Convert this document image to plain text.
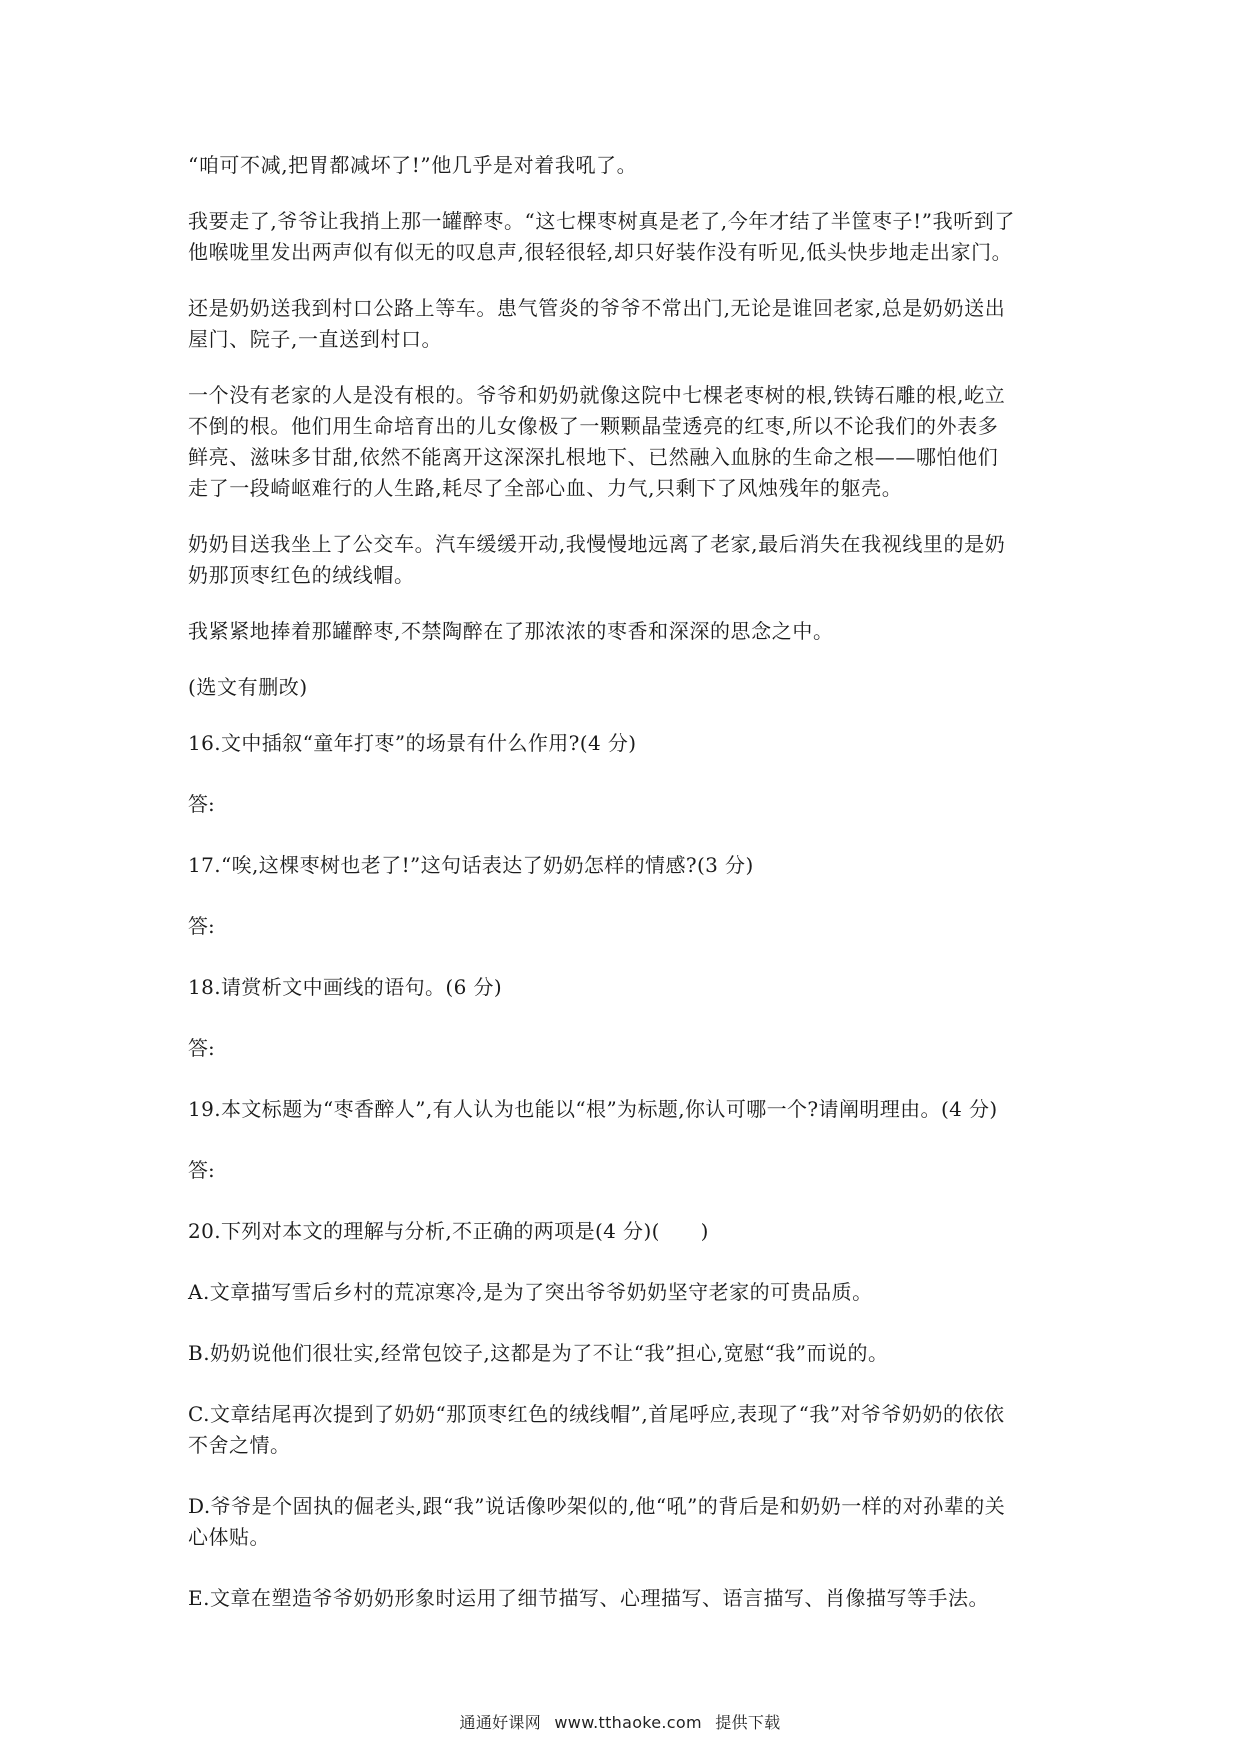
“咱可不减,把胃都减坏了!”他几乎是对着我吼了。

我要走了,爷爷让我捎上那一罐醉枣。“这七棵枣树真是老了,今年才结了半筐枣子!”我听到了
他喉咙里发出两声似有似无的叹息声,很轻很轻,却只好装作没有听见,低头快步地走出家门。

还是奶奶送我到村口公路上等车。患气管炎的爷爷不常出门,无论是谁回老家,总是奶奶送出
屋门、院子,一直送到村口。

一个没有老家的人是没有根的。爷爷和奶奶就像这院中七棵老枣树的根,铁铸石雕的根,屹立
不倒的根。他们用生命培育出的儿女像极了一颗颗晶莹透亮的红枣,所以不论我们的外表多
鲜亮、滋味多甘甜,依然不能离开这深深扎根地下、已然融入血脉的生命之根——哪怕他们
走了一段崎岖难行的人生路,耗尽了全部心血、力气,只剩下了风烛残年的躯壳。

奶奶目送我坐上了公交车。汽车缓缓开动,我慢慢地远离了老家,最后消失在我视线里的是奶
奶那顶枣红色的绒线帽。

我紧紧地捧着那罐醉枣,不禁陶醉在了那浓浓的枣香和深深的思念之中。

(选文有删改)

16.文中插叙“童年打枣”的场景有什么作用?(4 分)

答:

17.“唉,这棵枣树也老了!”这句话表达了奶奶怎样的情感?(3 分)

答:

18.请赏析文中画线的语句。(6 分)

答:

19.本文标题为“枣香醉人”,有人认为也能以“根”为标题,你认可哪一个?请阐明理由。(4 分)

答:

20.下列对本文的理解与分析,不正确的两项是(4 分)(　　)

A.文章描写雪后乡村的荒凉寒冷,是为了突出爷爷奶奶坚守老家的可贵品质。

B.奶奶说他们很壮实,经常包饺子,这都是为了不让“我”担心,宽慰“我”而说的。

C.文章结尾再次提到了奶奶“那顶枣红色的绒线帽”,首尾呼应,表现了“我”对爷爷奶奶的依依
不舍之情。

D.爷爷是个固执的倔老头,跟“我”说话像吵架似的,他“吼”的背后是和奶奶一样的对孙辈的关
心体贴。

E.文章在塑造爷爷奶奶形象时运用了细节描写、心理描写、语言描写、肖像描写等手法。

通通好课网 www.tthaoke.com 提供下载
